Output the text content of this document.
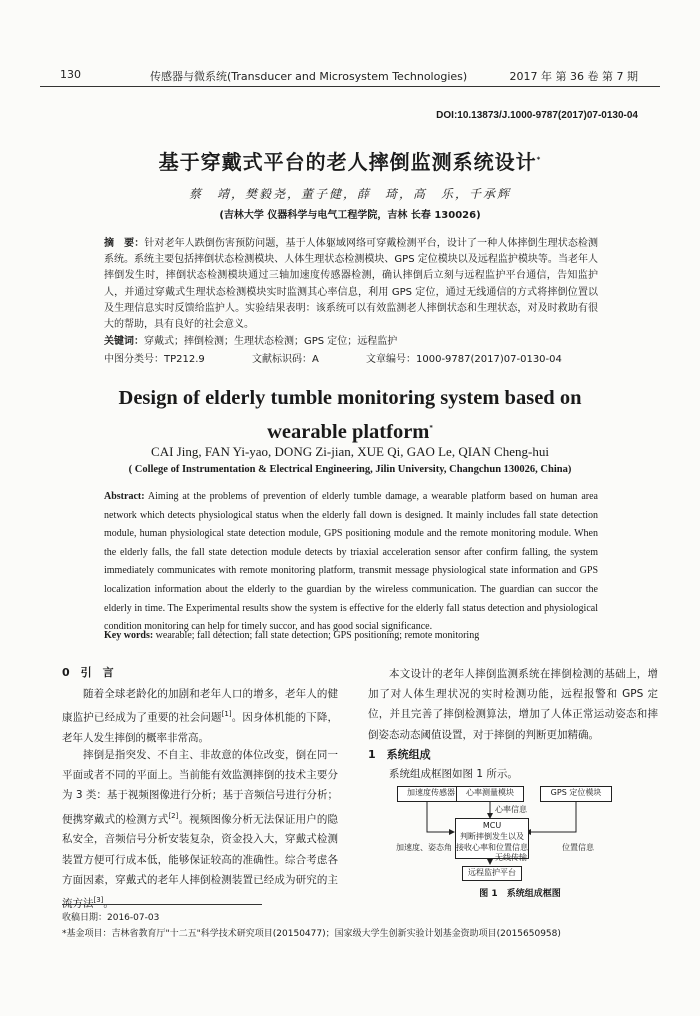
130	传感器与微系统(Transducer and Microsystem Technologies)	2017 年 第 36 卷 第 7 期
DOI:10.13873/J.1000-9787(2017)07-0130-04
基于穿戴式平台的老人摔倒监测系统设计*
蔡　靖，樊毅尧，董子健，薛　琦，高　乐，千承辉
(吉林大学 仪器科学与电气工程学院，吉林 长春 130026)
摘　要：针对老年人跌倒伤害预防问题，基于人体躯域网络可穿戴检测平台，设计了一种人体摔倒生理状态检测系统。系统主要包括摔倒状态检测模块、人体生理状态检测模块、GPS 定位模块以及远程监护模块等。当老年人摔倒发生时，摔倒状态检测模块通过三轴加速度传感器检测，确认摔倒后立刻与远程监护平台通信，告知监护人，并通过穿戴式生理状态检测模块实时监测其心率信息，利用 GPS 定位，通过无线通信的方式将摔倒位置以及生理信息实时反馈给监护人。实验结果表明：该系统可以有效监测老人摔倒状态和生理状态，对及时救助有很大的帮助，具有良好的社会意义。
关键词：穿戴式；摔倒检测；生理状态检测；GPS 定位；远程监护
中图分类号：TP212.9	文献标识码：A	文章编号：1000-9787(2017)07-0130-04
Design of elderly tumble monitoring system based on
wearable platform*
CAI Jing, FAN Yi-yao, DONG Zi-jian, XUE Qi, GAO Le, QIAN Cheng-hui
( College of Instrumentation & Electrical Engineering, Jilin University, Changchun 130026, China)
Abstract: Aiming at the problems of prevention of elderly tumble damage, a wearable platform based on human area network which detects physiological status when the elderly fall down is designed. It mainly includes fall state detection module, human physiological state detection module, GPS positioning module and the remote monitoring module. When the elderly falls, the fall state detection module detects by triaxial acceleration sensor after confirm falling, the system immediately communicates with remote monitoring platform, transmit message physiological state information and GPS localization information about the elderly to the guardian by the wireless communication. The guardian can succor the elderly in time. The Experimental results show the system is effective for the elderly fall status detection and physiological condition monitoring can help for timely succor, and has good social significance.
Key words: wearable; fall detection; fall state detection; GPS positioning; remote monitoring
0　引　言
随着全球老龄化的加剧和老年人口的增多，老年人的健康监护已经成为了重要的社会问题[1]。因身体机能的下降，老年人发生摔倒的概率非常高。
摔倒是指突发、不自主、非故意的体位改变，倒在同一平面或者不同的平面上。当前能有效监测摔倒的技术主要分为 3 类：基于视频图像进行分析；基于音频信号进行分析；便携穿戴式的检测方式[2]。视频图像分析无法保证用户的隐私安全，音频信号分析安装复杂，资金投入大，穿戴式检测装置方便可行成本低，能够保证较高的准确性。综合考虑各方面因素，穿戴式的老年人摔倒检测装置已经成为研究的主流方法[3]。
本文设计的老年人摔倒监测系统在摔倒检测的基础上，增加了对人体生理状况的实时检测功能，远程报警和 GPS 定位，并且完善了摔倒检测算法，增加了人体正常运动姿态和摔倒姿态动态阈值设置，对于摔倒的判断更加精确。
1　系统组成
系统组成框图如图 1 所示。
加速度传感器	心率测量模块	GPS 定位模块
心率信息
MCU
判断摔倒发生以及
接收心率和位置信息
加速度、姿态角	位置信息
无线传输
远程监护平台
图 1　系统组成框图
收稿日期：2016-07-03
*基金项目：吉林省教育厅"十二五"科学技术研究项目(20150477)；国家级大学生创新实验计划基金资助项目(2015650958)
